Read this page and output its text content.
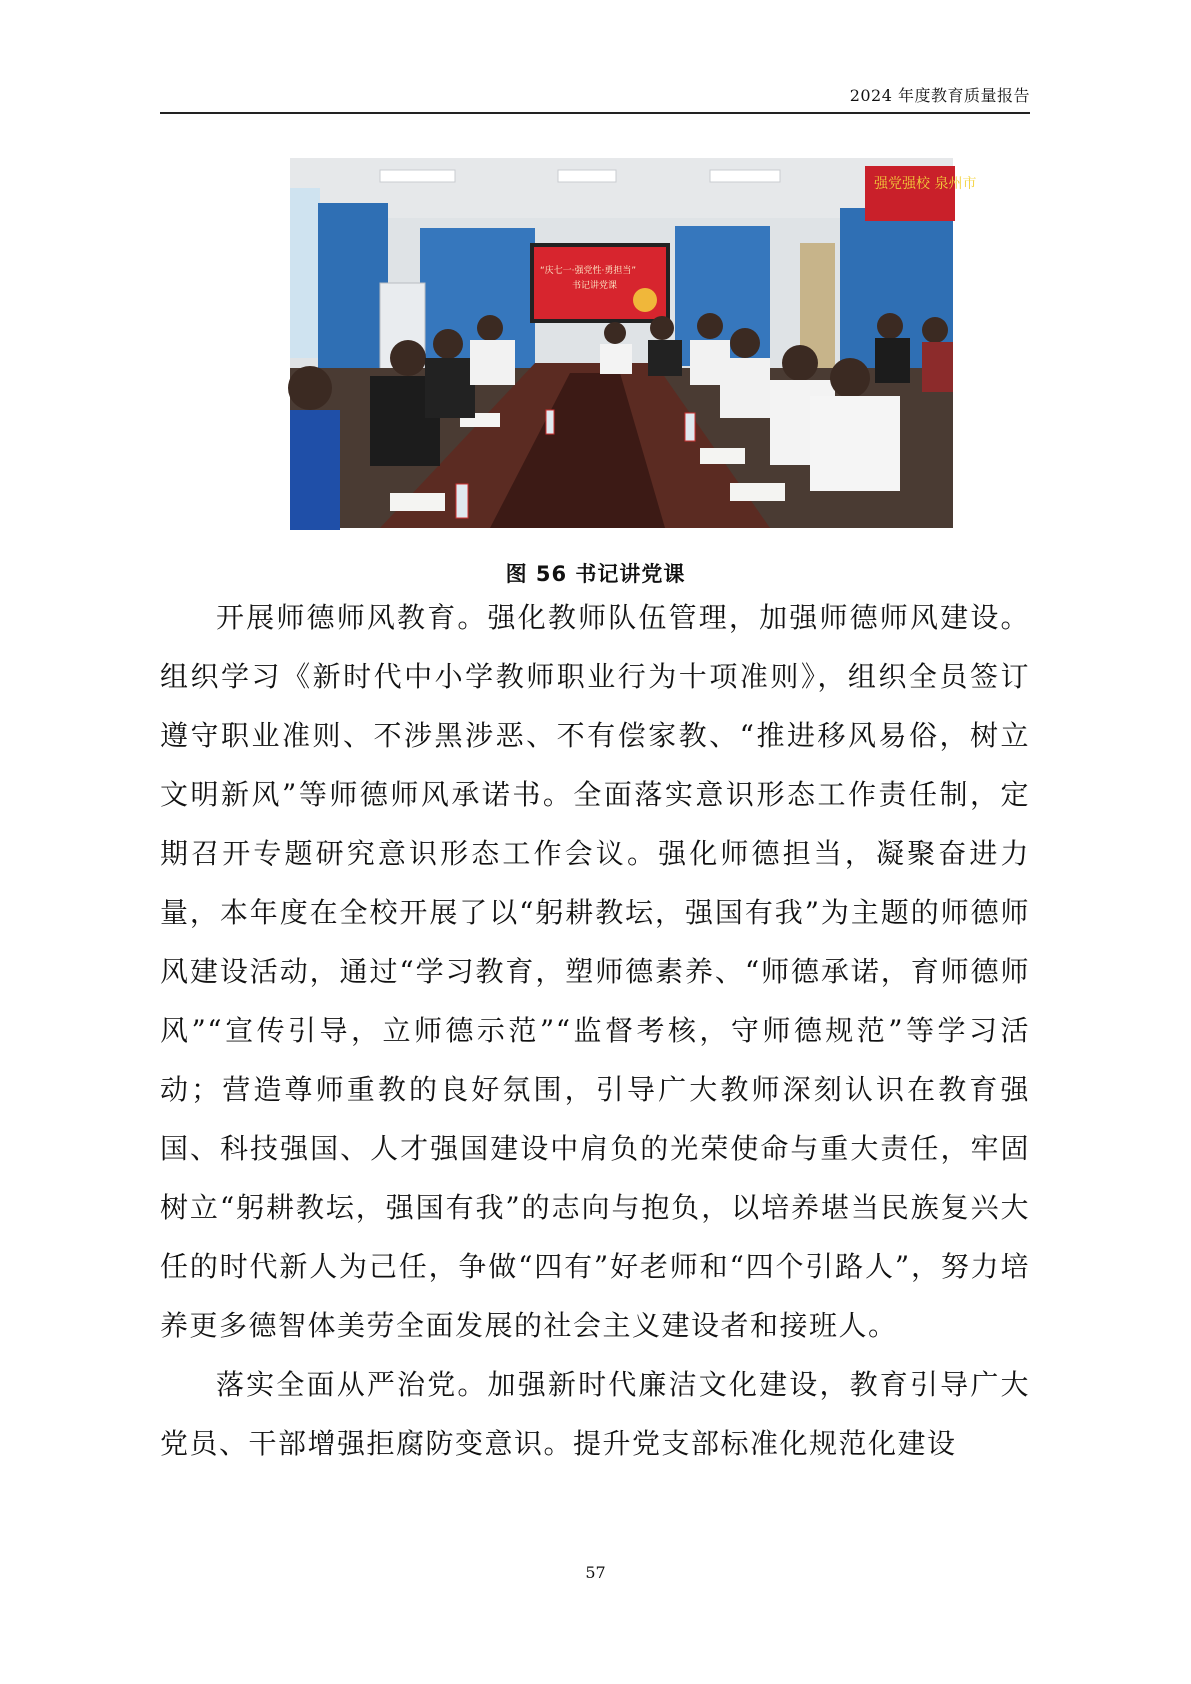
2024 年度教育质量报告
强党强校 泉州市
“庆七一·强党性·勇担当”
书记讲党课
图 56 书记讲党课

开展师德师风教育。强化教师队伍管理，加强师德师风建设。组织学习《新时代中小学教师职业行为十项准则》，组织全员签订遵守职业准则、不涉黑涉恶、不有偿家教、“推进移风易俗，树立文明新风”等师德师风承诺书。全面落实意识形态工作责任制，定期召开专题研究意识形态工作会议。强化师德担当，凝聚奋进力量，本年度在全校开展了以“躬耕教坛，强国有我”为主题的师德师风建设活动，通过“学习教育，塑师德素养、“师德承诺，育师德师风”“宣传引导，立师德示范”“监督考核，守师德规范”等学习活动；营造尊师重教的良好氛围，引导广大教师深刻认识在教育强国、科技强国、人才强国建设中肩负的光荣使命与重大责任，牢固树立“躬耕教坛，强国有我”的志向与抱负，以培养堪当民族复兴大任的时代新人为己任，争做“四有”好老师和“四个引路人”，努力培养更多德智体美劳全面发展的社会主义建设者和接班人。

落实全面从严治党。加强新时代廉洁文化建设，教育引导广大党员、干部增强拒腐防变意识。提升党支部标准化规范化建设

57
